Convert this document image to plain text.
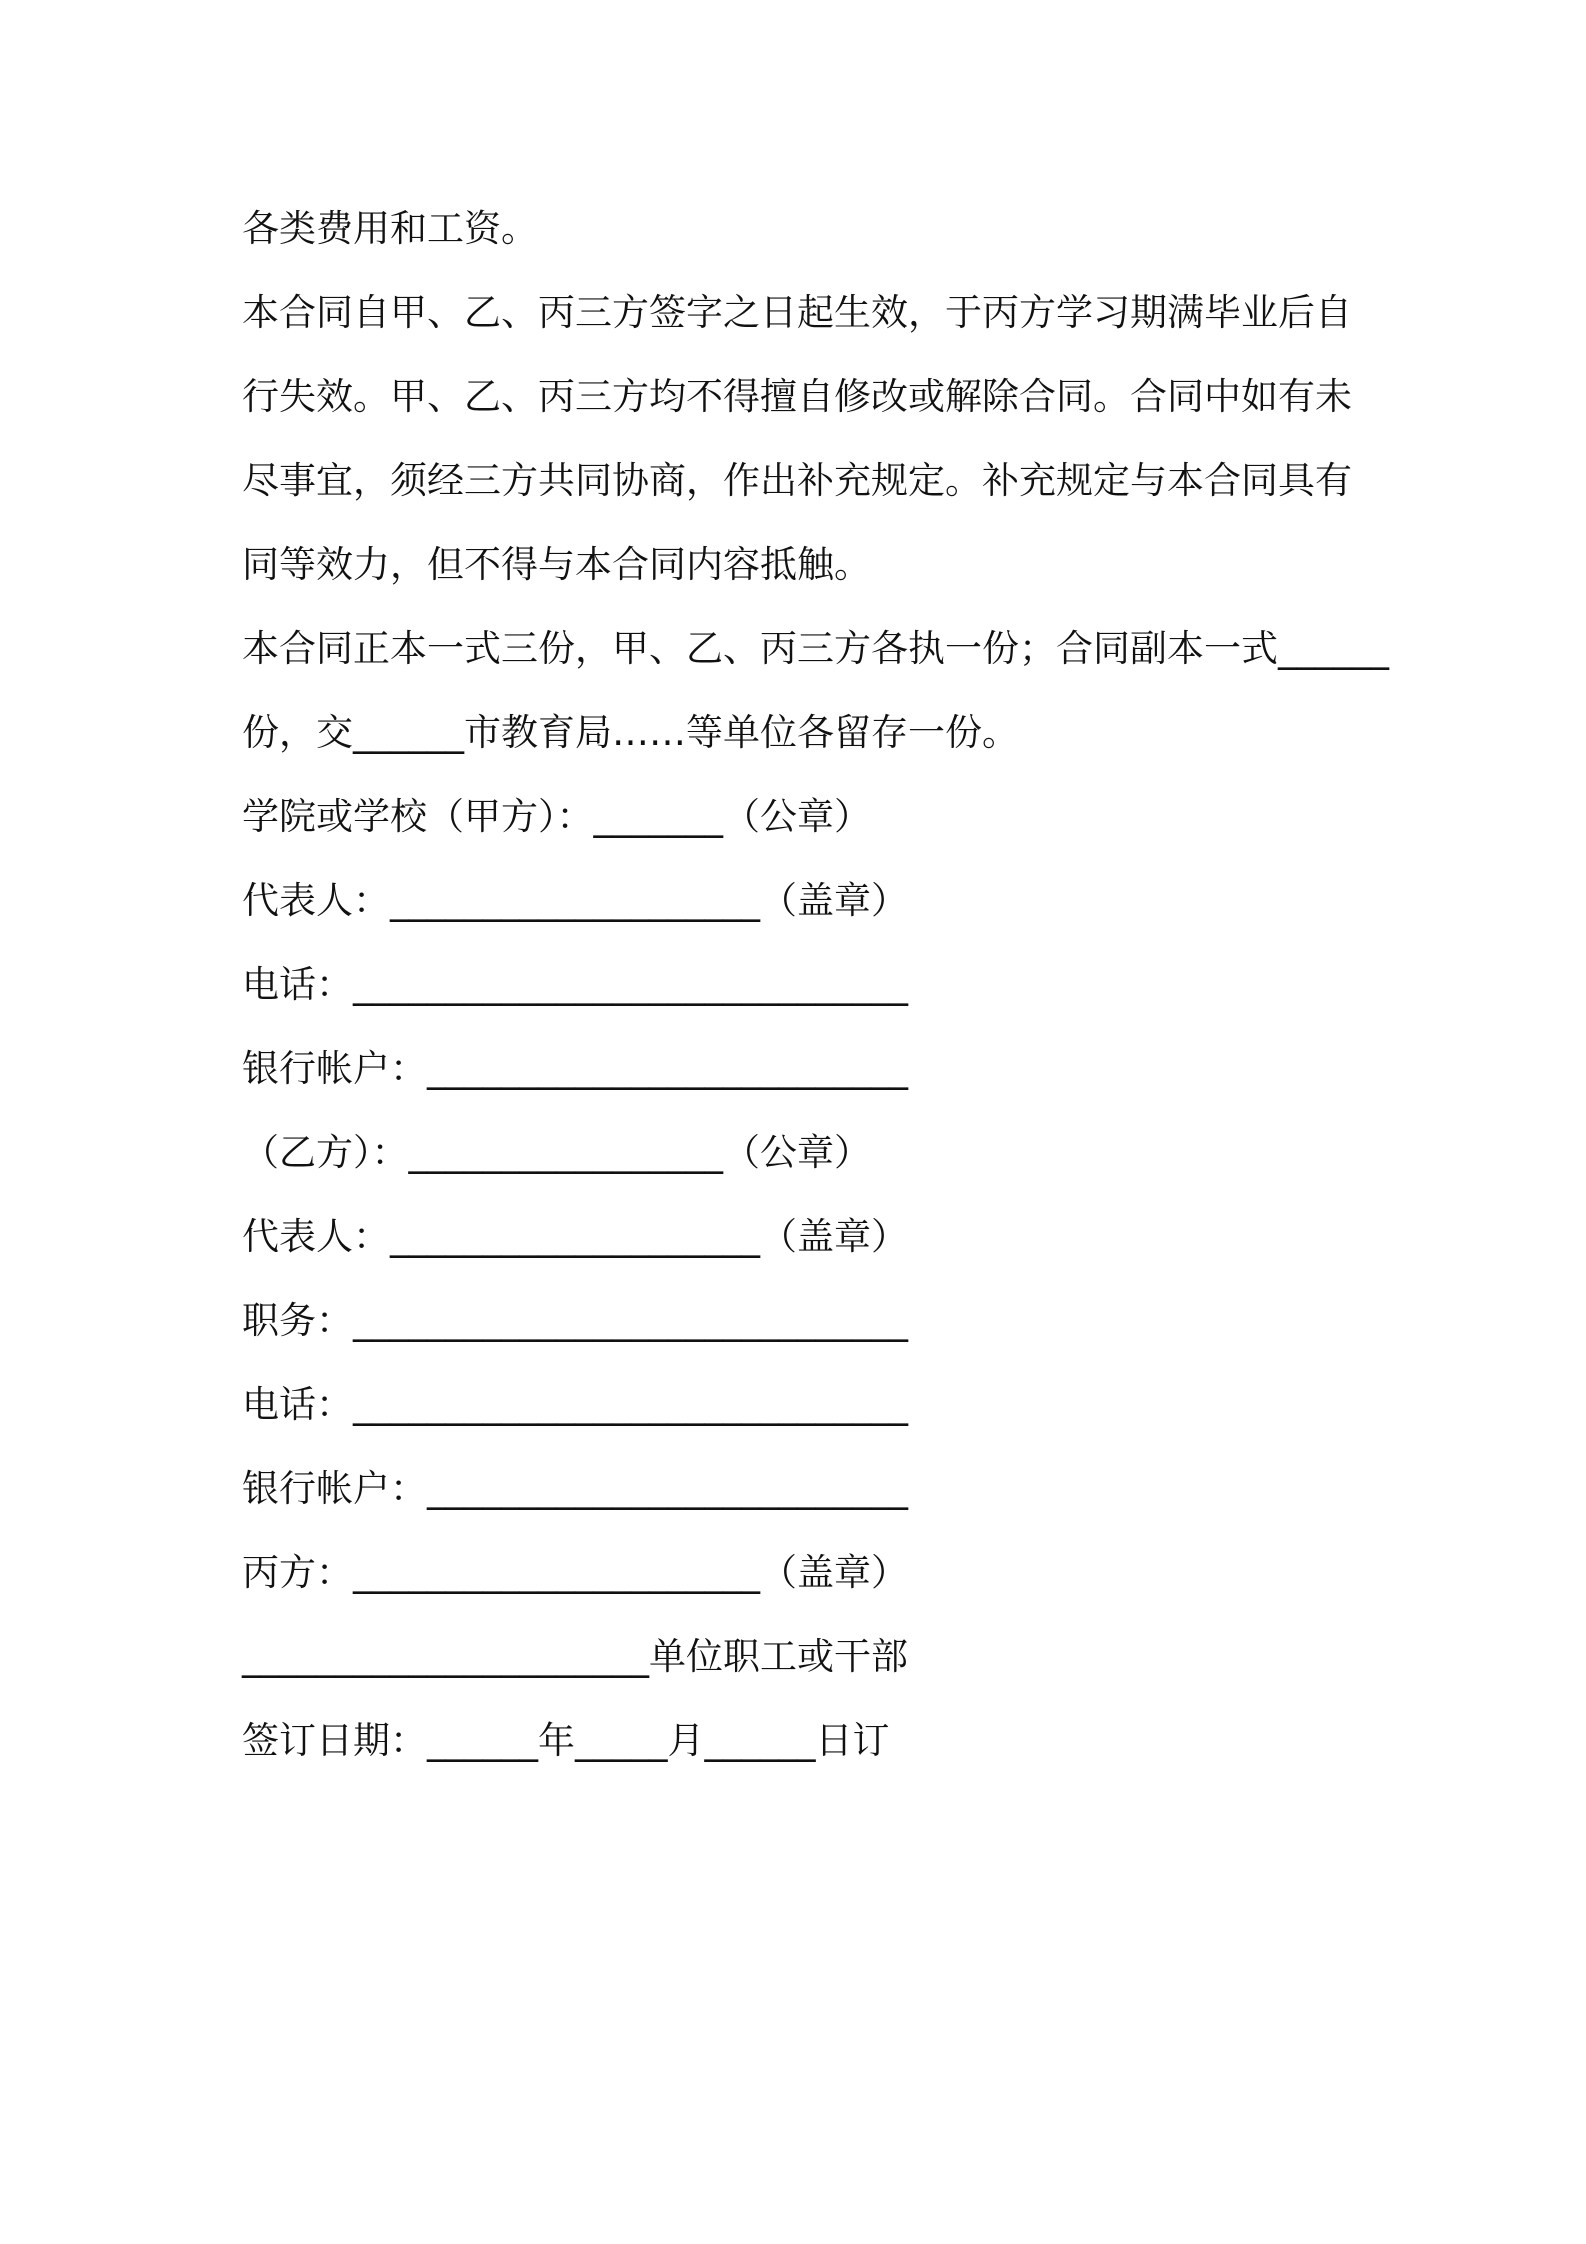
各类费用和工资。
本合同自甲、乙、丙三方签字之日起生效，于丙方学习期满毕业后自
行失效。甲、乙、丙三方均不得擅自修改或解除合同。合同中如有未
尽事宜，须经三方共同协商，作出补充规定。补充规定与本合同具有
同等效力，但不得与本合同内容抵触。
本合同正本一式三份，甲、乙、丙三方各执一份；合同副本一式______
份，交______市教育局……等单位各留存一份。
学院或学校（甲方）：_______（公章）
代表人：____________________（盖章）
电话：______________________________
银行帐户：__________________________
（乙方）：_________________（公章）
代表人：____________________（盖章）
职务：______________________________
电话：______________________________
银行帐户：__________________________
丙方：______________________（盖章）
______________________单位职工或干部
签订日期：______年_____月______日订
